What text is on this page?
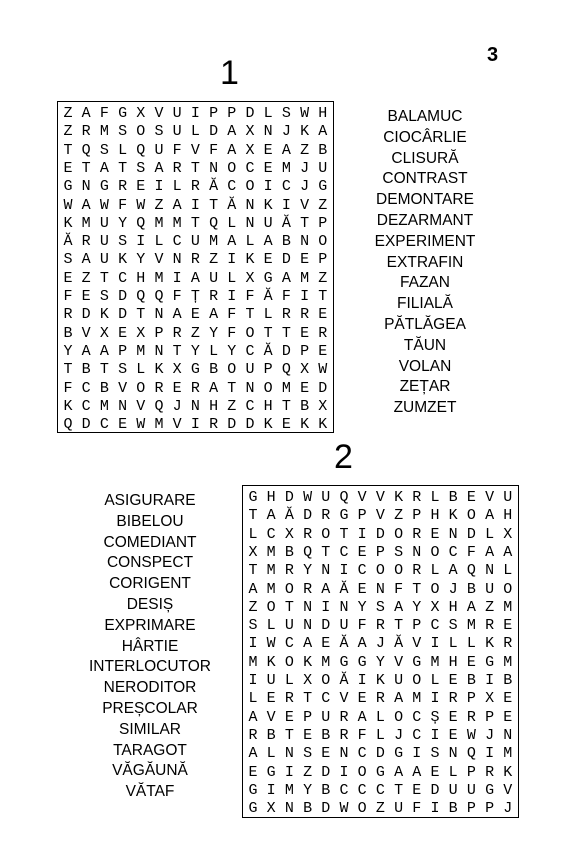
3
1
Z A F G X V U I P P D L S W H
Z R M S O S U L D A X N J K A
T Q S L Q U F V F A X E A Z B
E T A T S A R T N O C E M J U
G N G R E I L R Ă C O I C J G
W A W F W Z A I T Ă N K I V Z
K M U Y Q M M T Q L N U Ă T P
Ă R U S I L C U M A L A B N O
S A U K Y V N R Z I K E D E P
E Z T C H M I A U L X G A M Z
F E S D Q Q F Ț R I F Ă F I T
R D K D T N A E A F T L R R E
B V X E X P R Z Y F O T T E R
Y A A P M N T Y L Y C Ă D P E
T B T S L K X G B O U P Q X W
F C B V O R E R A T N O M E D
K C M N V Q J N H Z C H T B X
Q D C E W M V I R D D K E K K
BALAMUC
CIOCÂRLIE
CLISURĂ
CONTRAST
DEMONTARE
DEZARMANT
EXPERIMENT
EXTRAFIN
FAZAN
FILIALĂ
PĂTLĂGEA
TĂUN
VOLAN
ZEȚAR
ZUMZET
2
G H D W U Q V V K R L B E V U
T A Ă D R G P V Z P H K O A H
L C X R O T I D O R E N D L X
X M B Q T C E P S N O C F A A
T M R Y N I C O O R L A Q N L
A M O R A Ă E N F T O J B U O
Z O T N I N Y S A Y X H A Z M
S L U N D U F R T P C S M R E
I W C A E Ă A J Ă V I L L K R
M K O K M G G Y V G M H E G M
I U L X O Ă I K U O L E B I B
L E R T C V E R A M I R P X E
A V E P U R A L O C Ș E R P E
R B T E B R F L J C I E W J N
A L N S E N C D G I S N Q I M
E G I Z D I O G A A E L P R K
G I M Y B C C C T E D U U G V
G X N B D W O Z U F I B P P J
ASIGURARE
BIBELOU
COMEDIANT
CONSPECT
CORIGENT
DESIȘ
EXPRIMARE
HÂRTIE
INTERLOCUTOR
NERODITOR
PREȘCOLAR
SIMILAR
TARAGOT
VĂGĂUNĂ
VĂTAF
